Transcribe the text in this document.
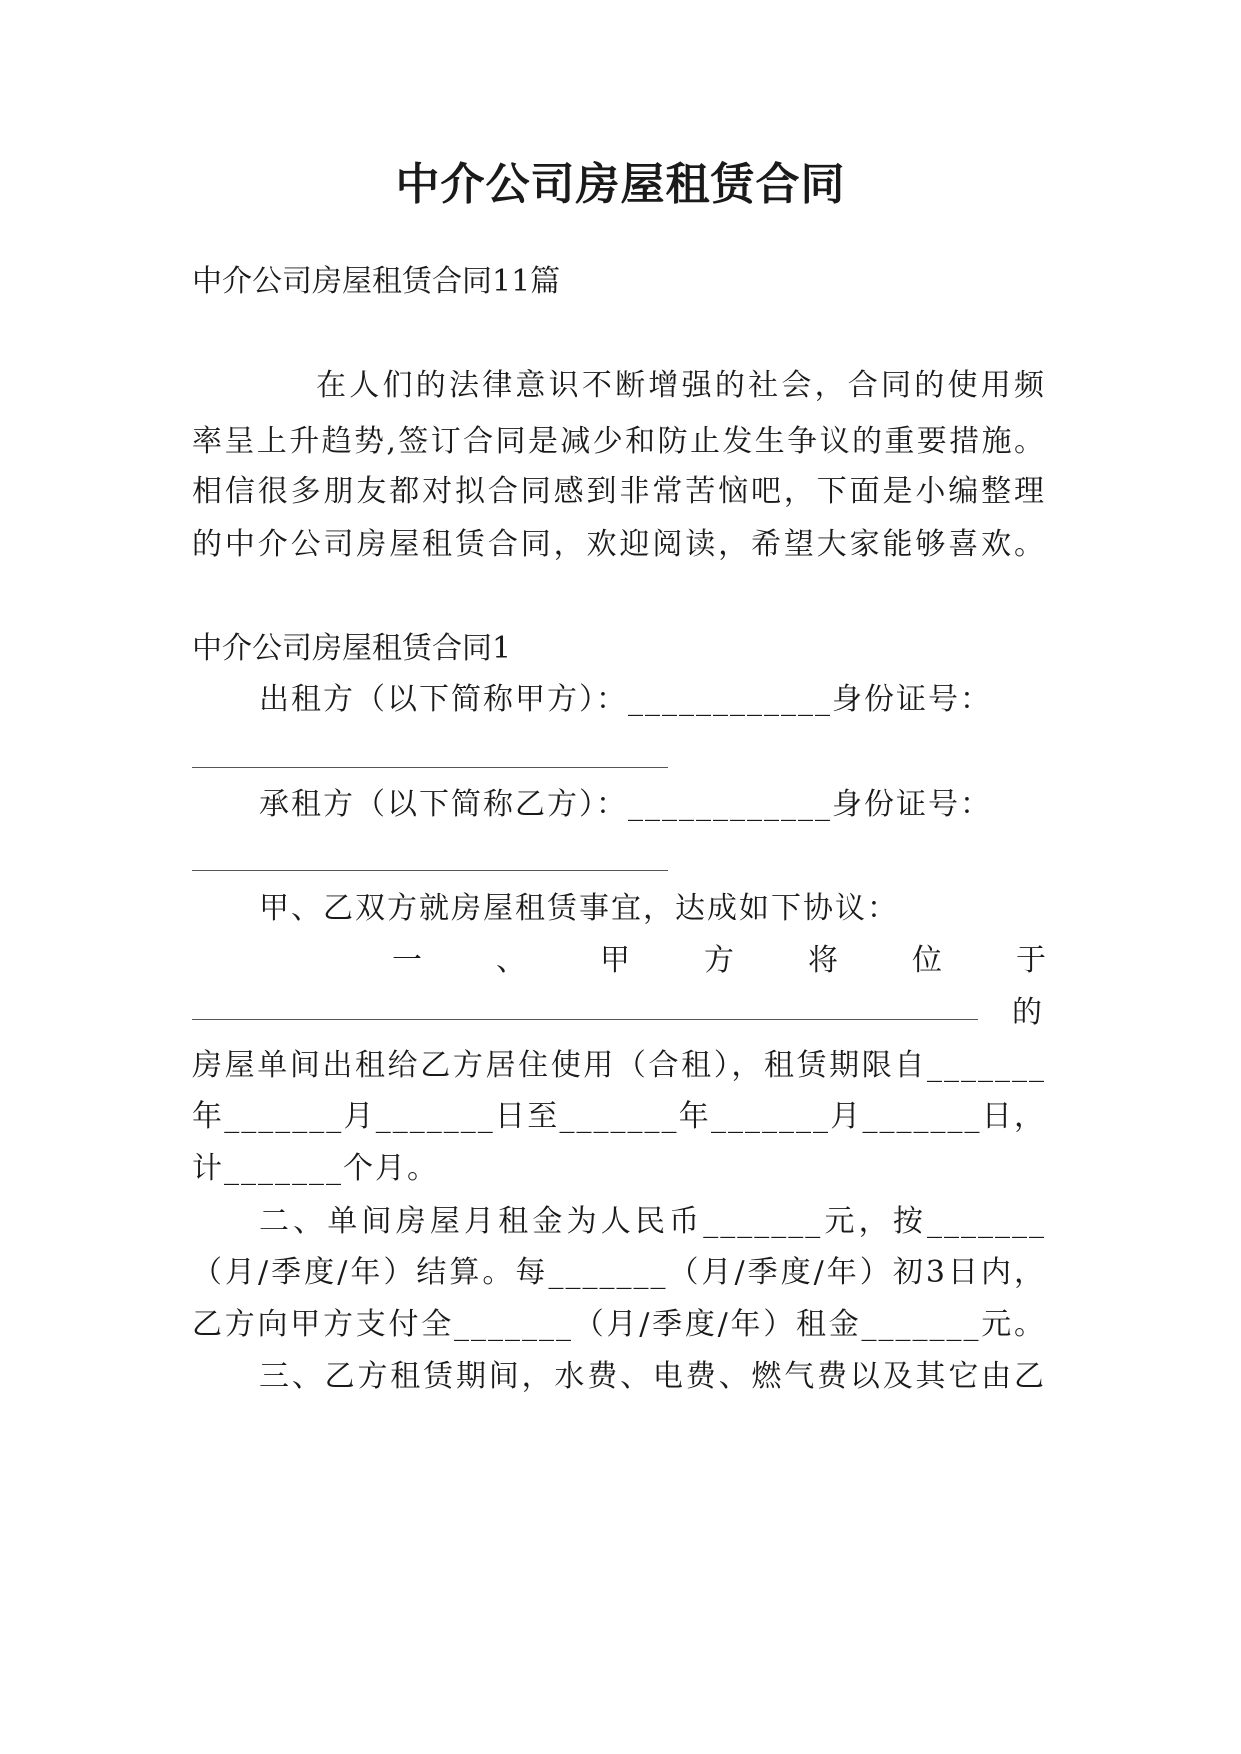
中介公司房屋租赁合同

中介公司房屋租赁合同11篇

在人们的法律意识不断增强的社会，合同的使用频

率呈上升趋势,签订合同是减少和防止发生争议的重要措施。

相信很多朋友都对拟合同感到非常苦恼吧，下面是小编整理

的中介公司房屋租赁合同，欢迎阅读，希望大家能够喜欢。

中介公司房屋租赁合同1

出租方（以下简称甲方）：____________身份证号：

承租方（以下简称乙方）：____________身份证号：

甲、乙双方就房屋租赁事宜，达成如下协议：

一 、 甲 方 将 位 于

的

房屋单间出租给乙方居住使用（合租），租赁期限自_______

年_______月_______日至_______年_______月_______日，

计_______个月。

二、单间房屋月租金为人民币_______元，按_______

（月/季度/年）结算。每_______（月/季度/年）初3日内，

乙方向甲方支付全_______（月/季度/年）租金_______元。

三、乙方租赁期间，水费、电费、燃气费以及其它由乙
